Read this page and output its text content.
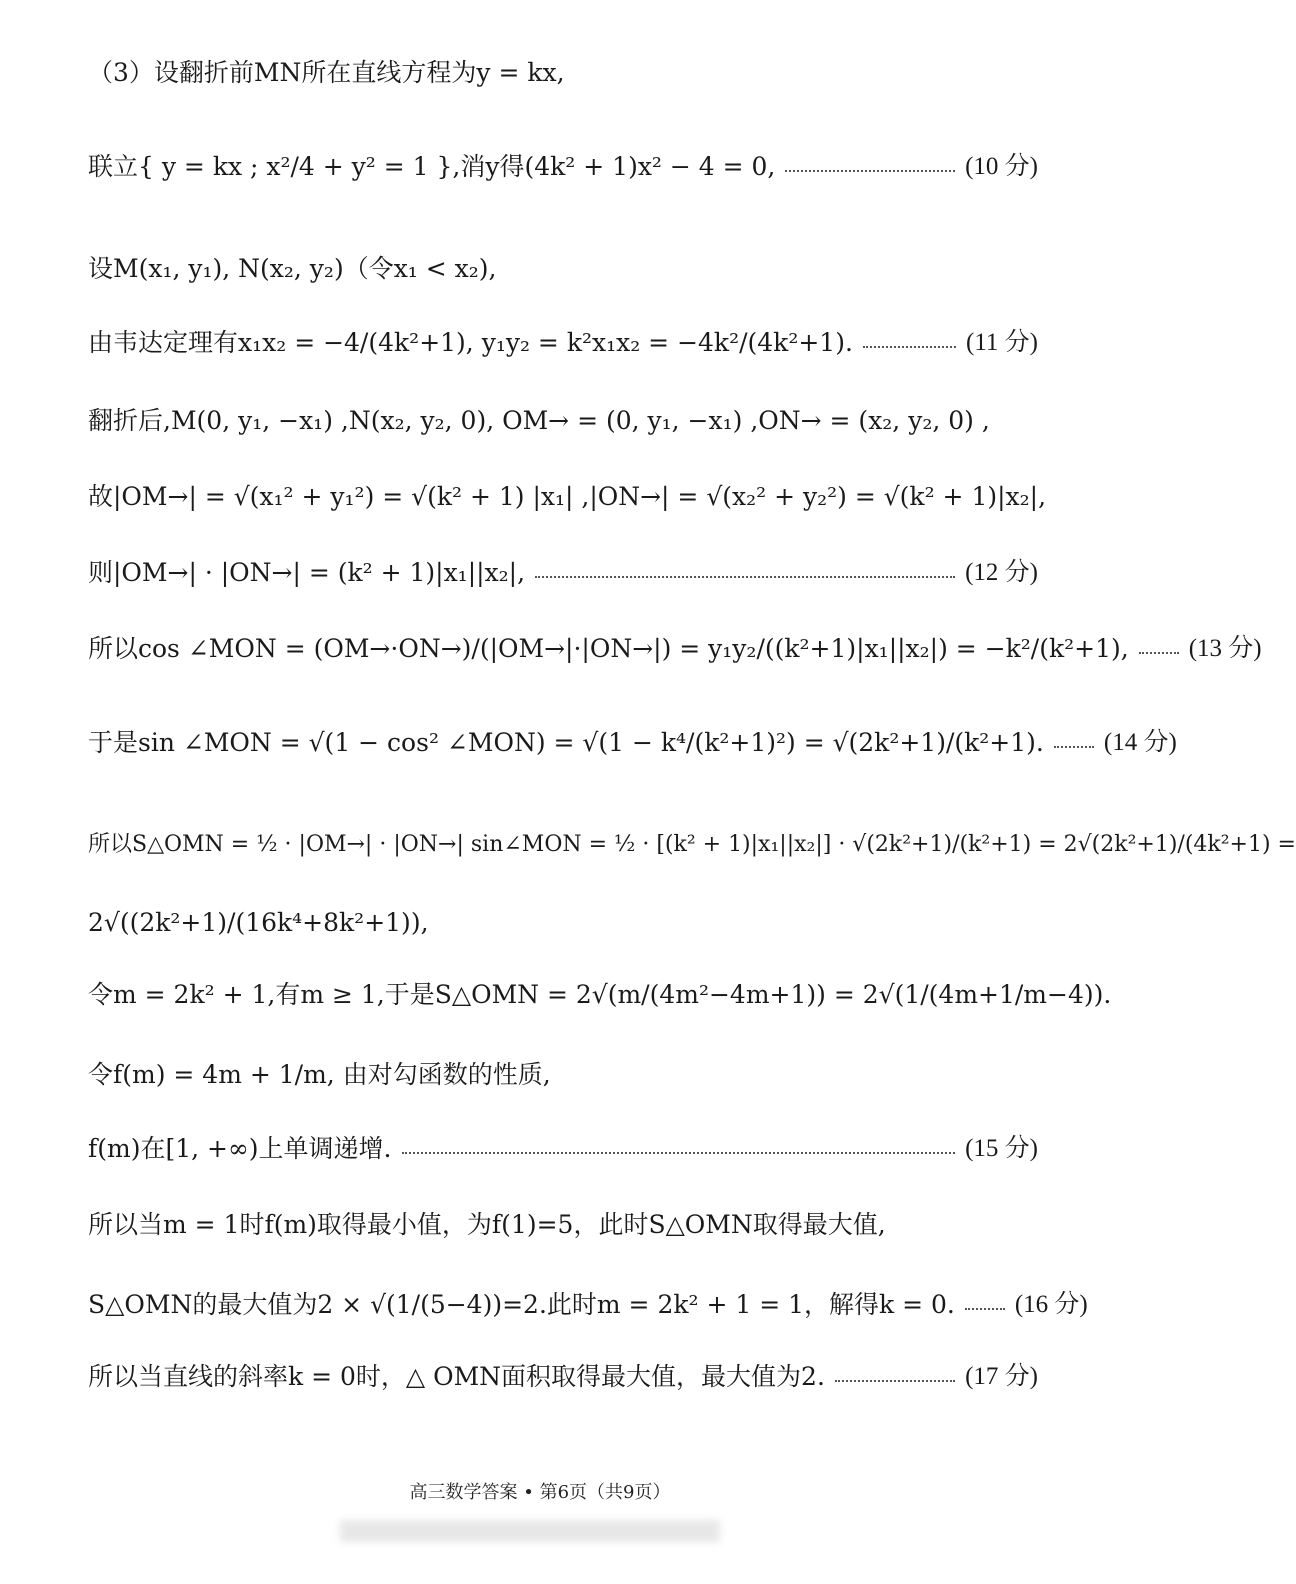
（3）设翻折前MN所在直线方程为y = kx,
联立{ y = kx ; x²/4 + y² = 1 },消y得(4k² + 1)x² − 4 = 0,	(10 分)
设M(x₁, y₁), N(x₂, y₂)（令x₁ < x₂),
由韦达定理有x₁x₂ = −4/(4k²+1), y₁y₂ = k²x₁x₂ = −4k²/(4k²+1).	(11 分)
翻折后,M(0, y₁, −x₁) ,N(x₂, y₂, 0), OM→ = (0, y₁, −x₁) ,ON→ = (x₂, y₂, 0) ,
故|OM→| = √(x₁² + y₁²) = √(k² + 1) |x₁| ,|ON→| = √(x₂² + y₂²) = √(k² + 1)|x₂|,
则|OM→| · |ON→| = (k² + 1)|x₁||x₂|,	(12 分)
所以cos ∠MON = (OM→·ON→)/(|OM→|·|ON→|) = y₁y₂/((k²+1)|x₁||x₂|) = −k²/(k²+1), (13 分)
于是sin ∠MON = √(1 − cos² ∠MON) = √(1 − k⁴/(k²+1)²) = √(2k²+1)/(k²+1). (14 分)
所以S△OMN = ½ · |OM→| · |ON→| sin∠MON = ½ · [(k² + 1)|x₁||x₂|] · √(2k²+1)/(k²+1) = 2√(2k²+1)/(4k²+1) =
2√((2k²+1)/(16k⁴+8k²+1)),
令m = 2k² + 1,有m ≥ 1,于是S△OMN = 2√(m/(4m²−4m+1)) = 2√(1/(4m+1/m−4)).
令f(m) = 4m + 1/m, 由对勾函数的性质,
f(m)在[1, +∞)上单调递增.	(15 分)
所以当m = 1时f(m)取得最小值，为f(1)=5，此时S△OMN取得最大值,
S△OMN的最大值为2 × √(1/(5−4))=2.此时m = 2k² + 1 = 1，解得k = 0. (16 分)
所以当直线的斜率k = 0时，△ OMN面积取得最大值，最大值为2.	(17 分)
高三数学答案 • 第6页（共9页）
